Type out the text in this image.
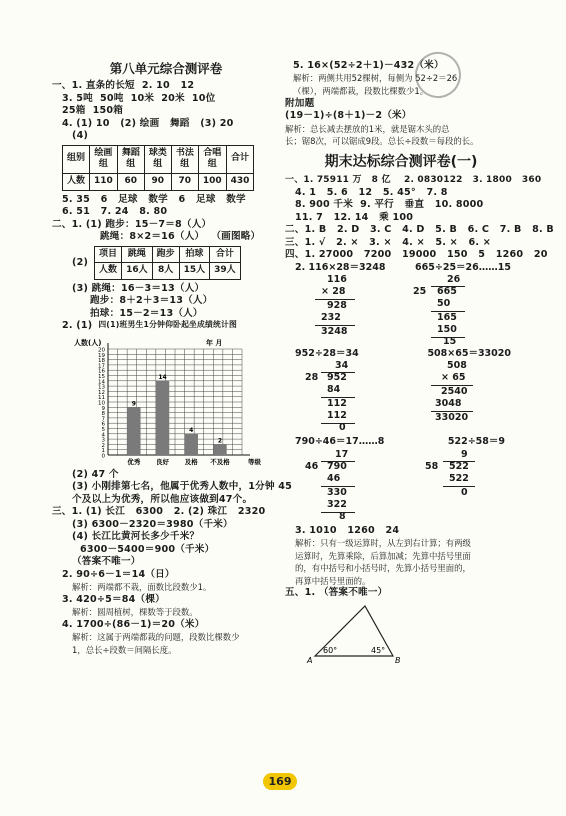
第八单元综合测评卷
一、1. 直条的长短  2. 10   12
3. 5吨  50吨  10米  20米  10位
25箱  150箱
4. (1) 10   (2) 绘画   舞蹈   (3) 20
(4)
组别	绘画组	舞蹈组	球类组	书法组	合唱组	合计
人数	110	60	90	70	100	430
5. 35   6   足球   数学   6   足球   数学
6. 51   7. 24   8. 80
二、1. (1) 跑步：15－7＝8（人）
跳绳：8×2＝16（人）  （画图略）
(2)
项目	跳绳	跑步	拍球	合计
人数	16人	8人	15人	39人
(3) 跳绳：16－3＝13（人）
跑步：8＋2＋3＝13（人）
拍球：15－2＝13（人）
2. (1) 四(1)班男生1分钟仰卧起坐成绩统计图
0
1
2
3
4
5
6
7
8
9
10
11
12
13
14
15
16
17
18
19
20
人数(人)	年 月
9
优秀
14
良好
4
及格
2
不及格	等级
(2) 47 个
(3) 小刚排第七名，他属于优秀人数中，1分钟 45
个及以上为优秀，所以他应该做到47个。
三、1. (1) 长江   6300   2. (2) 珠江   2320
(3) 6300－2320＝3980（千米）
(4) 长江比黄河长多少千米？
6300－5400＝900（千米）
（答案不唯一）
2. 90÷6－1＝14（日）
解析：两端都不栽，面数比段数少1。
3. 420÷5＝84（棵）
解析：圆周植树，棵数等于段数。
4. 1700÷(86－1)＝20（米）
解析：这属于两端都栽的问题，段数比棵数少
1，总长÷段数＝间隔长度。
5. 16×(52÷2＋1)－432（米）
解析：两侧共用52棵树，每侧为 52÷2＝26
（棵），两端都栽，段数比棵数少1。
附加题
(19－1)÷(8＋1)－2（米）
解析：总长减去摆放的1米，就是锯木头的总
长；锯8次，可以锯成9段。总长÷段数＝每段的长。
期末达标综合测评卷(一)
一、1. 75911 万   8 亿    2. 0830122   3. 1800   360
4. 1   5. 6   12   5. 45°   7. 8
8. 900 千米  9. 平行   垂直   10. 8000
11. 7   12. 14   乘 100
二、1. B   2. D   3. C   4. D   5. B   6. C   7. B   8. B
三、1. √   2. ×   3. ×   4. ×   5. ×   6. ×
四、1. 27000   7200   19000   150   5   1260   20
2. 116×28＝3248	665÷25＝26……15
116
× 28
928
232
3248
26
25 665
50
165
150
15
952÷28＝34	508×65＝33020
34
28 952
84
112
112
0
508
× 65
2540
3048
33020
790÷46＝17……8	522÷58＝9
17
46 790
46
330
322
8
9
58 522
522
0
3. 1010   1260   24
解析：只有一级运算时，从左到右计算；有两级
运算时，先算乘除，后算加减；先算中括号里面
的，有中括号和小括号时，先算小括号里面的，
再算中括号里面的。
五、1. （答案不唯一）
60°	45°
A	B
169
